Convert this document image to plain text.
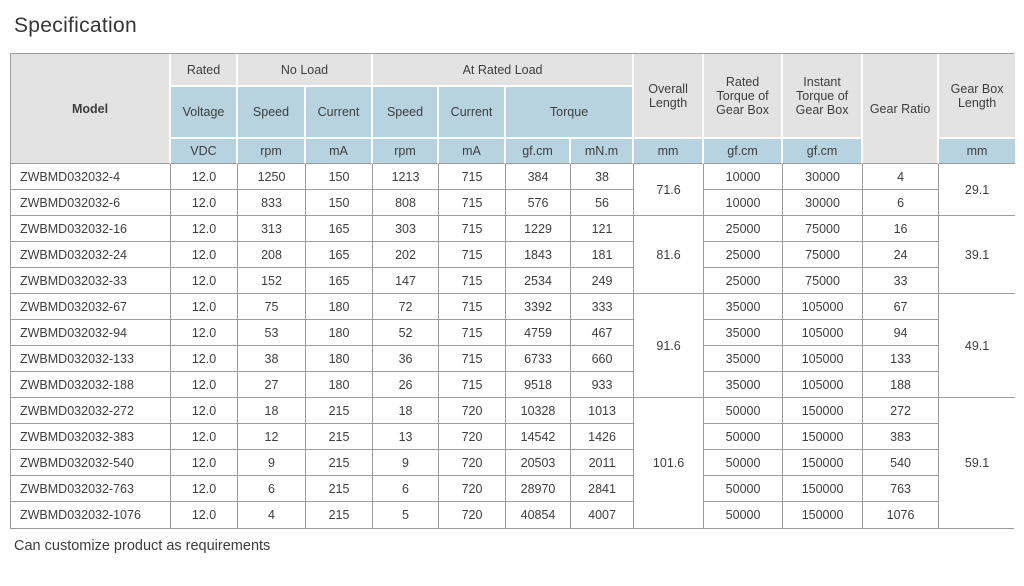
Specification
Model	Rated	No Load		At Rated Load				Overall Length	Rated Torque of Gear Box	Instant Torque of Gear Box	Gear Ratio	Gear Box Length
	Voltage	Speed	Current	Speed	Current	Torque						
	VDC	rpm	mA	rpm	mA	gf.cm	mN.m	mm	gf.cm	gf.cm		mm
ZWBMD032032-4	12.0	1250	150	1213	715	384	38	71.6	10000	30000	4	29.1
ZWBMD032032-6	12.0	833	150	808	715	576	56		10000	30000	6	
ZWBMD032032-16	12.0	313	165	303	715	1229	121	81.6	25000	75000	16	39.1
ZWBMD032032-24	12.0	208	165	202	715	1843	181		25000	75000	24	
ZWBMD032032-33	12.0	152	165	147	715	2534	249		25000	75000	33	
ZWBMD032032-67	12.0	75	180	72	715	3392	333	91.6	35000	105000	67	49.1
ZWBMD032032-94	12.0	53	180	52	715	4759	467		35000	105000	94	
ZWBMD032032-133	12.0	38	180	36	715	6733	660		35000	105000	133	
ZWBMD032032-188	12.0	27	180	26	715	9518	933		35000	105000	188	
ZWBMD032032-272	12.0	18	215	18	720	10328	1013	101.6	50000	150000	272	59.1
ZWBMD032032-383	12.0	12	215	13	720	14542	1426		50000	150000	383	
ZWBMD032032-540	12.0	9	215	9	720	20503	2011		50000	150000	540	
ZWBMD032032-763	12.0	6	215	6	720	28970	2841		50000	150000	763	
ZWBMD032032-1076	12.0	4	215	5	720	40854	4007		50000	150000	1076	
Can customize product as requirements
